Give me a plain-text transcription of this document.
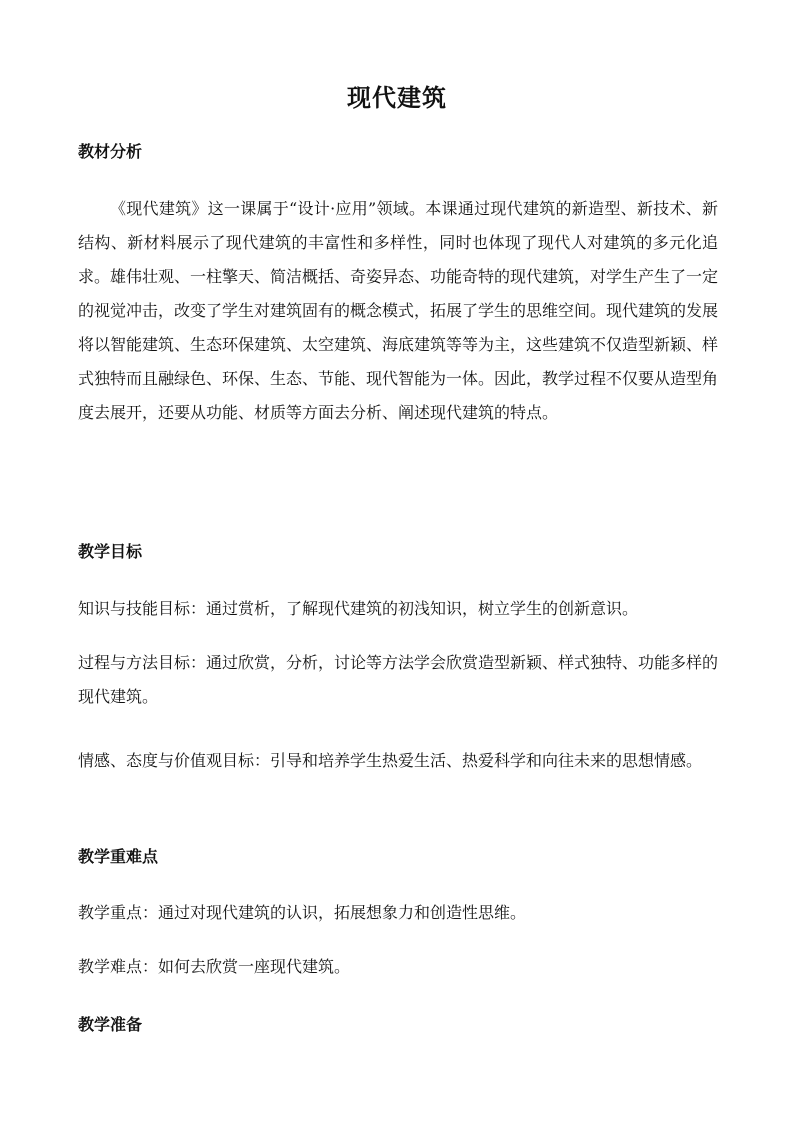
现代建筑
教材分析

《现代建筑》这一课属于“设计·应用”领域。本课通过现代建筑的新造型、新技术、新结构、新材料展示了现代建筑的丰富性和多样性，同时也体现了现代人对建筑的多元化追求。雄伟壮观、一柱擎天、简洁概括、奇姿异态、功能奇特的现代建筑，对学生产生了一定的视觉冲击，改变了学生对建筑固有的概念模式，拓展了学生的思维空间。现代建筑的发展将以智能建筑、生态环保建筑、太空建筑、海底建筑等等为主，这些建筑不仅造型新颖、样式独特而且融绿色、环保、生态、节能、现代智能为一体。因此，教学过程不仅要从造型角度去展开，还要从功能、材质等方面去分析、阐述现代建筑的特点。

教学目标

知识与技能目标：通过赏析，了解现代建筑的初浅知识，树立学生的创新意识。

过程与方法目标：通过欣赏，分析，讨论等方法学会欣赏造型新颖、样式独特、功能多样的现代建筑。

情感、态度与价值观目标：引导和培养学生热爱生活、热爱科学和向往未来的思想情感。

教学重难点

教学重点：通过对现代建筑的认识，拓展想象力和创造性思维。

教学难点：如何去欣赏一座现代建筑。

教学准备
